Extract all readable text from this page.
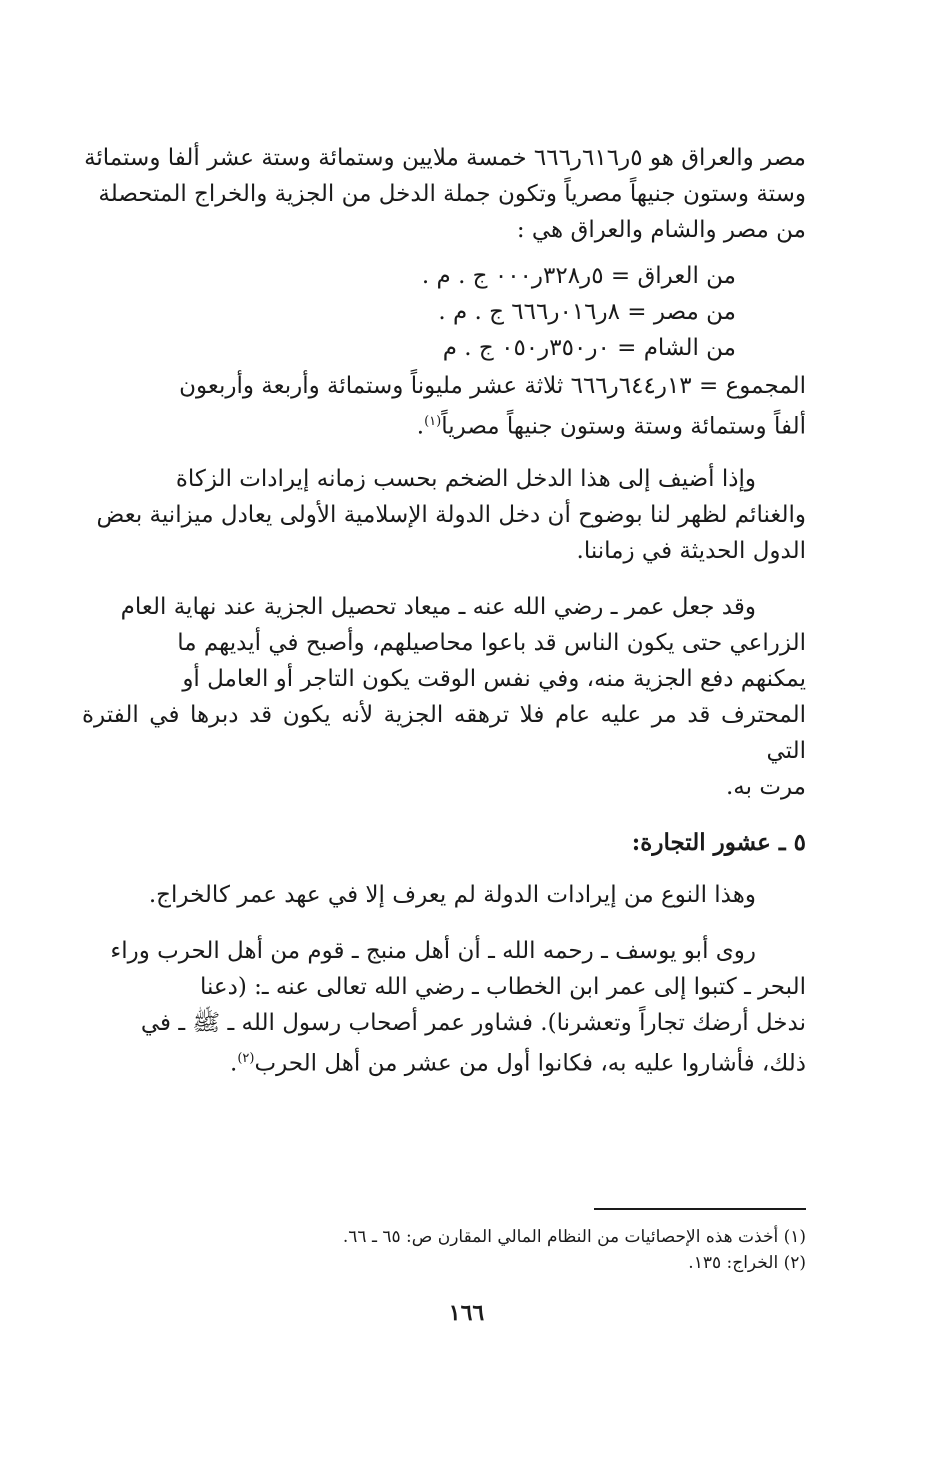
مصر والعراق هو ٥ر٦١٦ر٦٦٦ خمسة ملايين وستمائة وستة عشر ألفا وستمائة

وستة وستون جنيهاً مصرياً وتكون جملة الدخل من الجزية والخراج المتحصلة

من مصر والشام والعراق هي :

من العراق = ٥ر٣٢٨ر٠٠٠ ج . م .

من مصر = ٨ر٠١٦ر٦٦٦ ج . م .

من الشام = ٠ر٣٥٠ر٠٥٠ ج . م

المجموع = ١٣ر٦٤٤ر٦٦٦ ثلاثة عشر مليوناً وستمائة وأربعة وأربعون

ألفاً وستمائة وستة وستون جنيهاً مصرياً$^{(١)}$.

وإذا أضيف إلى هذا الدخل الضخم بحسب زمانه إيرادات الزكاة

والغنائم لظهر لنا بوضوح أن دخل الدولة الإسلامية الأولى يعادل ميزانية بعض

الدول الحديثة في زماننا.

وقد جعل عمر ـ رضي الله عنه ـ ميعاد تحصيل الجزية عند نهاية العام

الزراعي حتى يكون الناس قد باعوا محاصيلهم، وأصبح في أيديهم ما

يمكنهم دفع الجزية منه، وفي نفس الوقت يكون التاجر أو العامل أو

المحترف قد مر عليه عام فلا ترهقه الجزية لأنه يكون قد دبرها في الفترة التي

مرت به.

٥ ـ عشور التجارة:

وهذا النوع من إيرادات الدولة لم يعرف إلا في عهد عمر كالخراج.

روى أبو يوسف ـ رحمه الله ـ أن أهل منبج ـ قوم من أهل الحرب وراء

البحر ـ كتبوا إلى عمر ابن الخطاب ـ رضي الله تعالى عنه ـ: (دعنا

ندخل أرضك تجاراً وتعشرنا). فشاور عمر أصحاب رسول الله ـ ﷺ ـ في

ذلك، فأشاروا عليه به، فكانوا أول من عشر من أهل الحرب$^{(٢)}$.

(١) أخذت هذه الإحصائيات من النظام المالي المقارن ص: ٦٥ ـ ٦٦.

(٢) الخراج: ١٣٥.

١٦٦
